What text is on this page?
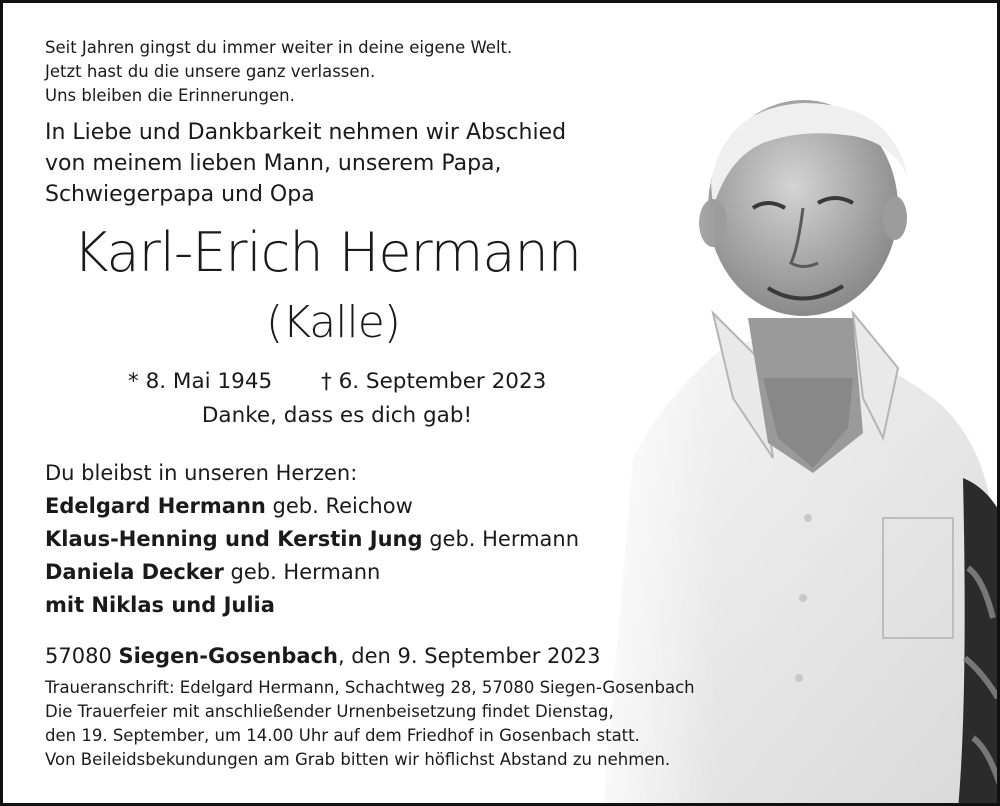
Seit Jahren gingst du immer weiter in deine eigene Welt.
Jetzt hast du die unsere ganz verlassen.
Uns bleiben die Erinnerungen.
In Liebe und Dankbarkeit nehmen wir Abschied
von meinem lieben Mann, unserem Papa,
Schwiegerpapa und Opa
Karl-Erich Hermann
(Kalle)
* 8. Mai 1945 † 6. September 2023
Danke, dass es dich gab!
Du bleibst in unseren Herzen:
Edelgard Hermann geb. Reichow
Klaus-Henning und Kerstin Jung geb. Hermann
Daniela Decker geb. Hermann
mit Niklas und Julia
57080 Siegen-Gosenbach, den 9. September 2023
Traueranschrift: Edelgard Hermann, Schachtweg 28, 57080 Siegen-Gosenbach
Die Trauerfeier mit anschließender Urnenbeisetzung findet Dienstag,
den 19. September, um 14.00 Uhr auf dem Friedhof in Gosenbach statt.
Von Beileidsbekundungen am Grab bitten wir höflichst Abstand zu nehmen.
